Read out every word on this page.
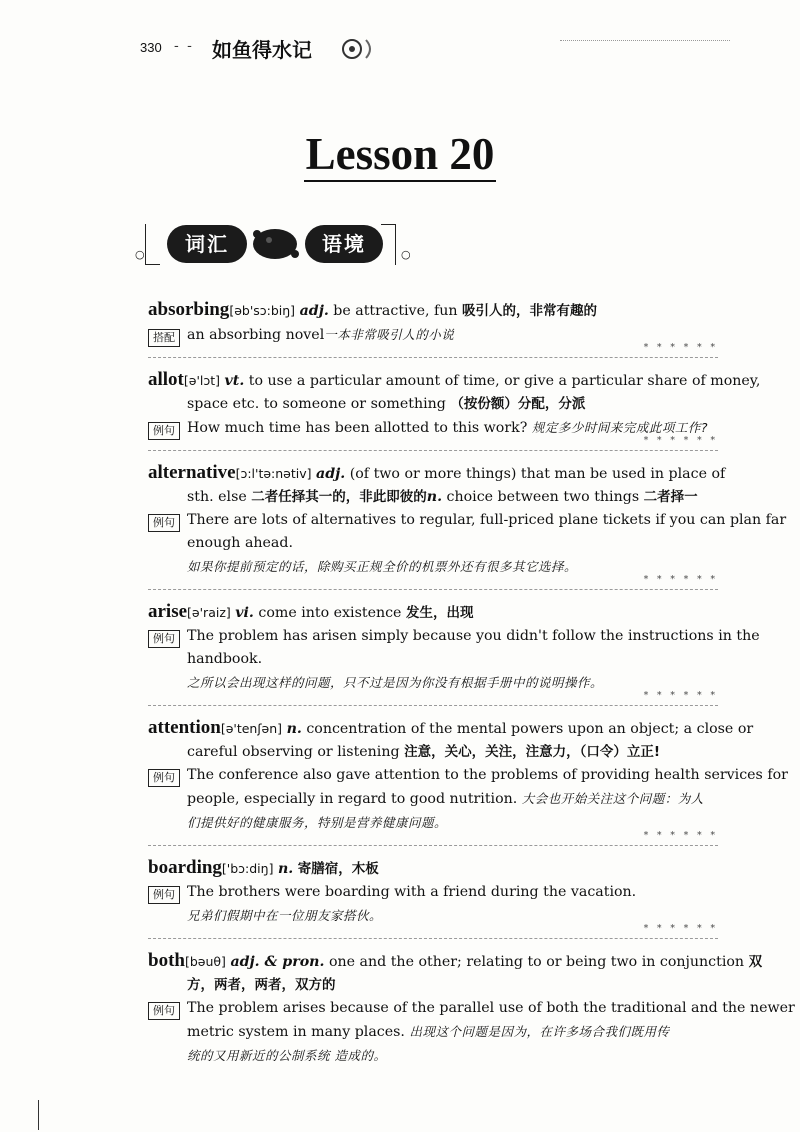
330 - - 如鱼得水记
Lesson 20
○	○
词汇	语境
absorbing[əb'sɔ:biŋ] adj. be attractive, fun 吸引人的，非常有趣的
搭配 an absorbing novel一本非常吸引人的小说
* * * * * *
allot[ə'lɔt] vt. to use a particular amount of time, or give a particular share of money,
space etc. to someone or something （按份额）分配，分派
例句 How much time has been allotted to this work? 规定多少时间来完成此项工作?
* * * * * *
alternative[ɔ:l'tə:nətiv] adj. (of two or more things) that man be used in place of
sth. else 二者任择其一的，非此即彼的n. choice between two things 二者择一
例句 There are lots of alternatives to regular, full-priced plane tickets if you can plan far
enough ahead.
如果你提前预定的话，除购买正规全价的机票外还有很多其它选择。
* * * * * *
arise[ə'raiz] vi. come into existence 发生，出现
例句 The problem has arisen simply because you didn't follow the instructions in the
handbook.
之所以会出现这样的问题，只不过是因为你没有根据手册中的说明操作。
* * * * * *
attention[ə'tenʃən] n. concentration of the mental powers upon an object; a close or
careful observing or listening 注意，关心，关注，注意力，（口令）立正!
例句 The conference also gave attention to the problems of providing health services for
people, especially in regard to good nutrition. 大会也开始关注这个问题：为人
们提供好的健康服务，特别是营养健康问题。
* * * * * *
boarding['bɔ:diŋ] n. 寄膳宿，木板
例句 The brothers were boarding with a friend during the vacation.
兄弟们假期中在一位朋友家搭伙。
* * * * * *
both[bəuθ] adj. & pron. one and the other; relating to or being two in conjunction 双
方，两者，两者，双方的
例句 The problem arises because of the parallel use of both the traditional and the newer
metric system in many places. 出现这个问题是因为，在许多场合我们既用传
统的又用新近的公制系统 造成的。
